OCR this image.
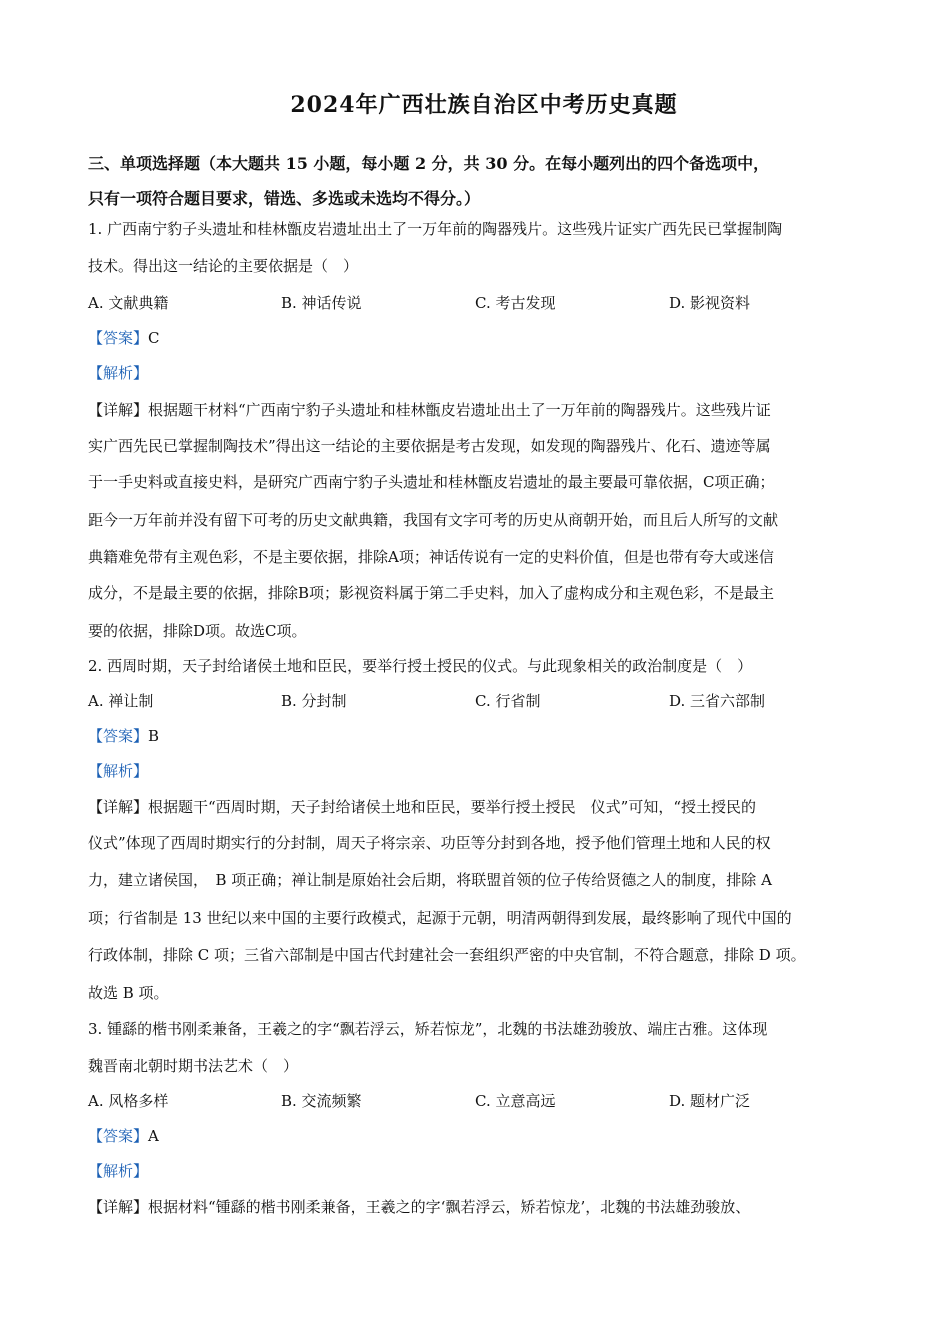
2024年广西壮族自治区中考历史真题
三、单项选择题（本大题共 15 小题，每小题 2 分，共 30 分。在每小题列出的四个备选项中，
只有一项符合题目要求，错选、多选或未选均不得分。）
1. 广西南宁豹子头遗址和桂林甑皮岩遗址出土了一万年前的陶器残片。这些残片证实广西先民已掌握制陶
技术。得出这一结论的主要依据是（　）
A. 文献典籍	B. 神话传说	C. 考古发现	D. 影视资料
【答案】C
【解析】
【详解】根据题干材料“广西南宁豹子头遗址和桂林甑皮岩遗址出土了一万年前的陶器残片。这些残片证
实广西先民已掌握制陶技术”得出这一结论的主要依据是考古发现，如发现的陶器残片、化石、遗迹等属
于一手史料或直接史料，是研究广西南宁豹子头遗址和桂林甑皮岩遗址的最主要最可靠依据，C项正确；
距今一万年前并没有留下可考的历史文献典籍，我国有文字可考的历史从商朝开始，而且后人所写的文献
典籍难免带有主观色彩，不是主要依据，排除A项；神话传说有一定的史料价值，但是也带有夸大或迷信
成分，不是最主要的依据，排除B项；影视资料属于第二手史料，加入了虚构成分和主观色彩，不是最主
要的依据，排除D项。故选C项。
2. 西周时期，天子封给诸侯土地和臣民，要举行授土授民的仪式。与此现象相关的政治制度是（　）
A. 禅让制	B. 分封制	C. 行省制	D. 三省六部制
【答案】B
【解析】
【详解】根据题干“西周时期，天子封给诸侯土地和臣民，要举行授土授民　仪式”可知，“授土授民的
仪式”体现了西周时期实行的分封制，周天子将宗亲、功臣等分封到各地，授予他们管理土地和人民的权
力，建立诸侯国，　B 项正确；禅让制是原始社会后期，将联盟首领的位子传给贤德之人的制度，排除 A
项；行省制是 13 世纪以来中国的主要行政模式，起源于元朝，明清两朝得到发展，最终影响了现代中国的
行政体制，排除 C 项；三省六部制是中国古代封建社会一套组织严密的中央官制，不符合题意，排除 D 项。
故选 B 项。
3. 锺繇的楷书刚柔兼备，王羲之的字“飘若浮云，矫若惊龙”，北魏的书法雄劲骏放、端庄古雅。这体现
魏晋南北朝时期书法艺术（　）
A. 风格多样	B. 交流频繁	C. 立意高远	D. 题材广泛
【答案】A
【解析】
【详解】根据材料“锺繇的楷书刚柔兼备，王羲之的字‘飘若浮云，矫若惊龙’，北魏的书法雄劲骏放、
